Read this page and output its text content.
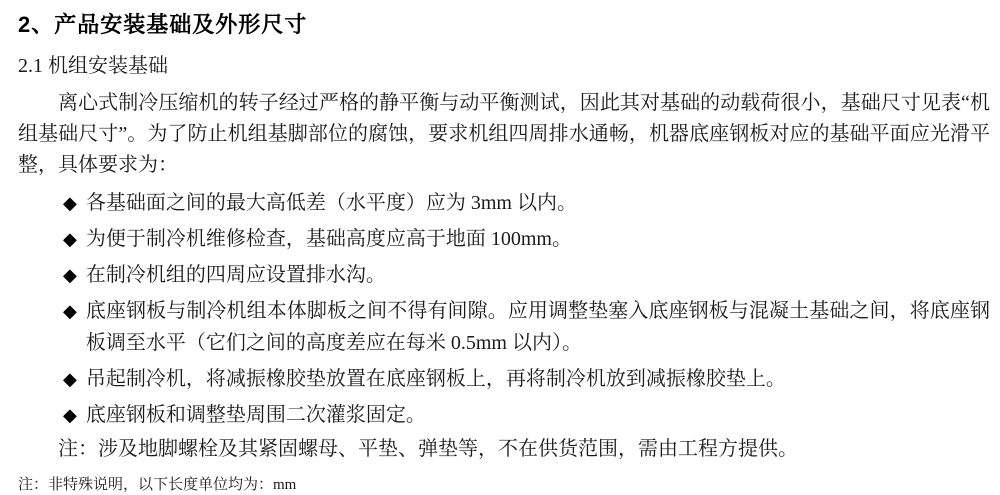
2、产品安装基础及外形尺寸
2.1 机组安装基础

离心式制冷压缩机的转子经过严格的静平衡与动平衡测试，因此其对基础的动载荷很小，基础尺寸见表“机组基础尺寸”。为了防止机组基脚部位的腐蚀，要求机组四周排水通畅，机器底座钢板对应的基础平面应光滑平整，具体要求为：

◆ 各基础面之间的最大高低差（水平度）应为 3mm 以内。
◆ 为便于制冷机维修检查，基础高度应高于地面 100mm。
◆ 在制冷机组的四周应设置排水沟。
◆ 底座钢板与制冷机组本体脚板之间不得有间隙。应用调整垫塞入底座钢板与混凝土基础之间，将底座钢板调至水平（它们之间的高度差应在每米 0.5mm 以内）。
◆ 吊起制冷机，将减振橡胶垫放置在底座钢板上，再将制冷机放到减振橡胶垫上。
◆ 底座钢板和调整垫周围二次灌浆固定。

注：涉及地脚螺栓及其紧固螺母、平垫、弹垫等，不在供货范围，需由工程方提供。

注：非特殊说明，以下长度单位均为：mm
